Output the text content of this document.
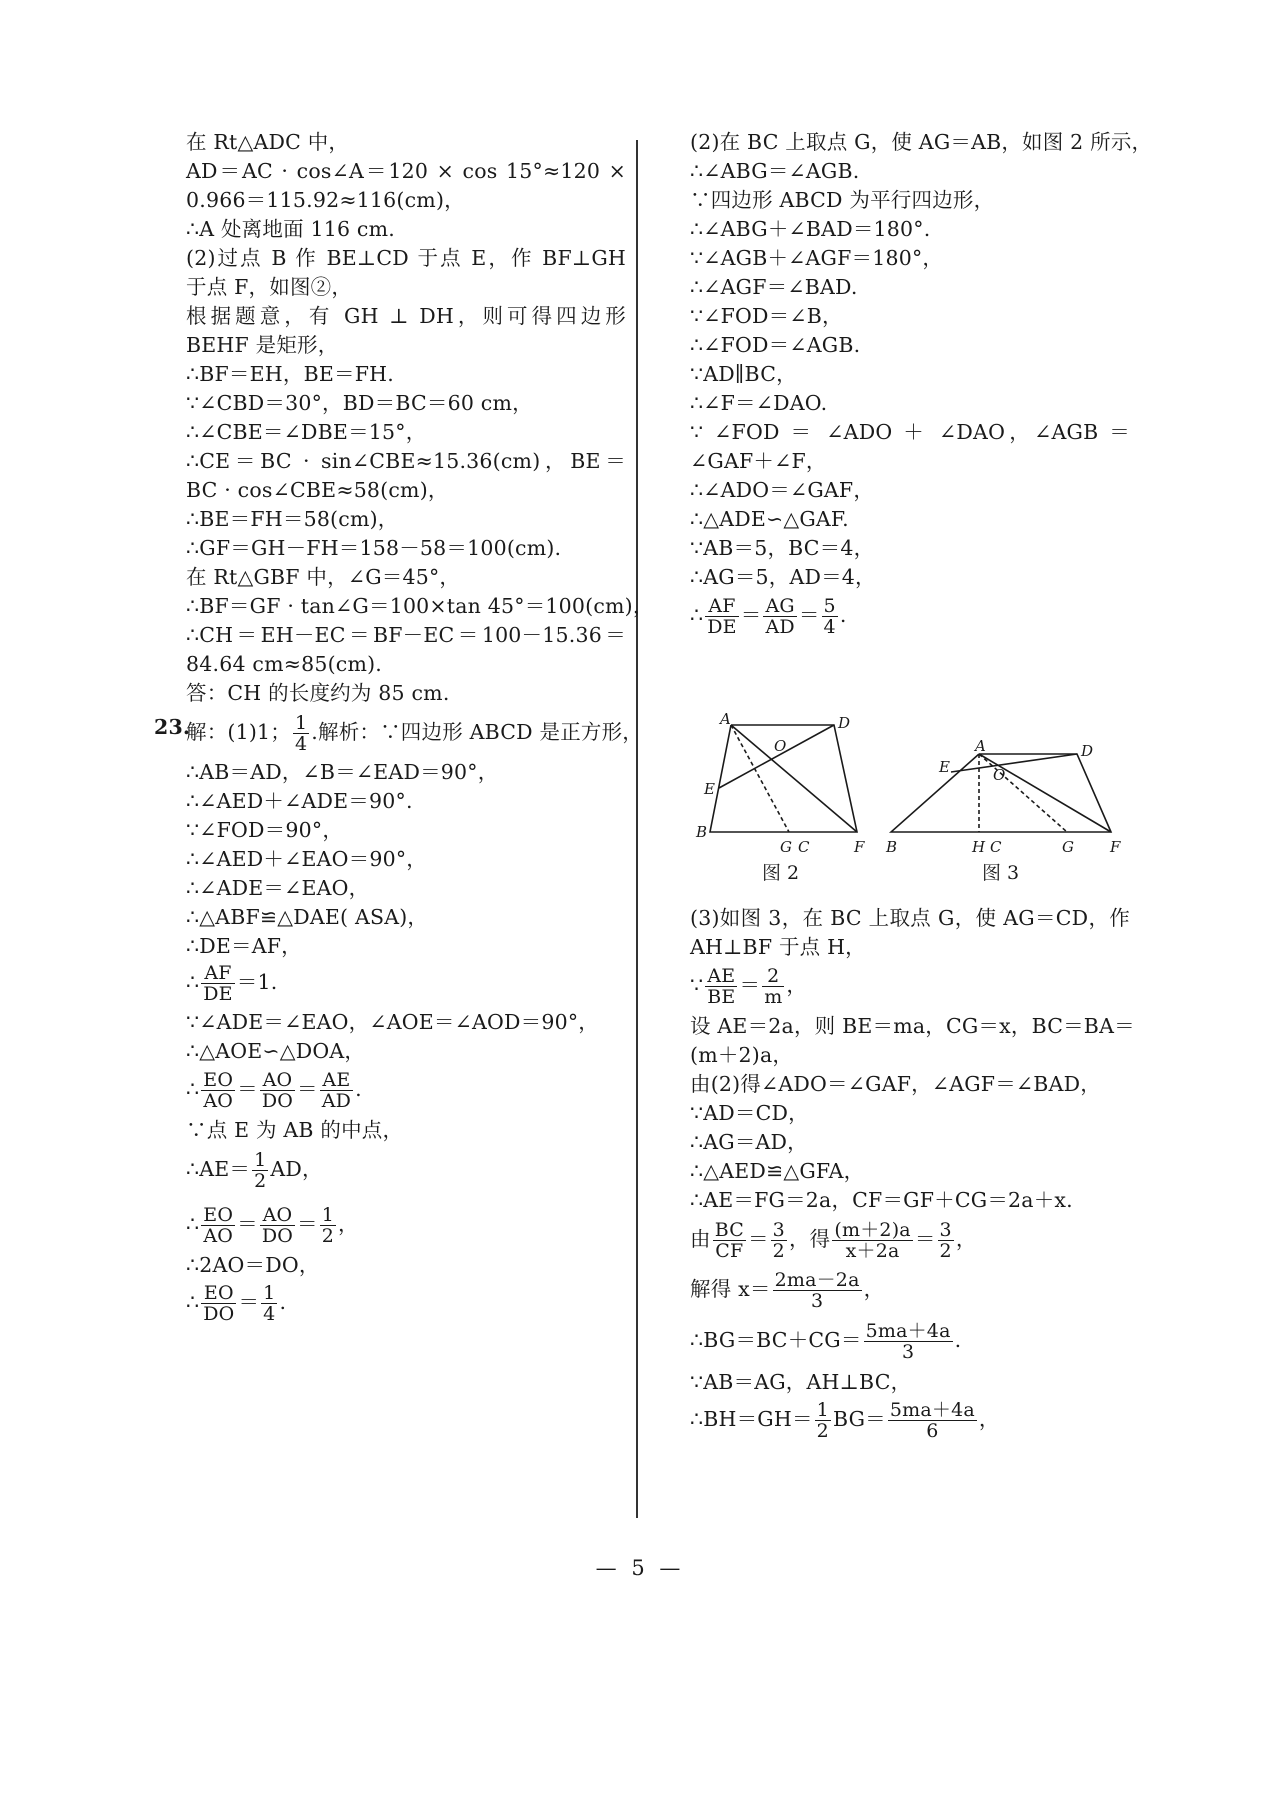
在 Rt△ADC 中，
AD＝AC · cos∠A＝120 × cos 15°≈120 ×
0.966＝115.92≈116(cm)，
∴A 处离地面 116 cm.
(2)过点 B 作 BE⊥CD 于点 E，作 BF⊥GH
于点 F，如图②，
根据题意，有 GH ⊥ DH，则可得四边形
BEHF 是矩形，
∴BF＝EH，BE＝FH.
∵∠CBD＝30°，BD＝BC＝60 cm，
∴∠CBE＝∠DBE＝15°，
∴CE＝BC · sin∠CBE≈15.36(cm)，BE＝
BC · cos∠CBE≈58(cm)，
∴BE＝FH＝58(cm)，
∴GF＝GH－FH＝158－58＝100(cm).
在 Rt△GBF 中，∠G＝45°，
∴BF＝GF · tan∠G＝100×tan 45°＝100(cm)，
∴CH＝EH－EC＝BF－EC＝100－15.36＝
84.64 cm≈85(cm).
答：CH 的长度约为 85 cm.
23.
解：(1)1； $\frac{1}{4}$ .解析：∵四边形 ABCD 是正方形，
∴AB＝AD，∠B＝∠EAD＝90°，
∴∠AED＋∠ADE＝90°.
∵∠FOD＝90°，
∴∠AED＋∠EAO＝90°，
∴∠ADE＝∠EAO，
∴△ABF≌△DAE( ASA)，
∴DE＝AF，
∴ $\frac{AF}{DE} =1$.
∵∠ADE＝∠EAO，∠AOE＝∠AOD＝90°，
∴△AOE∽△DOA，
∴ $\frac{EO}{AO} = \frac{AO}{DO} = \frac{AE}{AD}$ .
∵点 E 为 AB 的中点，
∴AE＝ $\frac{1}{2}$ AD，
∴ $\frac{EO}{AO} = \frac{AO}{DO} = \frac{1}{2}$ ，
∴2AO＝DO，
∴ $\frac{EO}{DO} = \frac{1}{4}$ .
(2)在 BC 上取点 G，使 AG＝AB，如图 2 所示，
∴∠ABG＝∠AGB.
∵四边形 ABCD 为平行四边形，
∴∠ABG＋∠BAD＝180°.
∵∠AGB＋∠AGF＝180°，
∴∠AGF＝∠BAD.
∵∠FOD＝∠B，
∴∠FOD＝∠AGB.
∵AD∥BC，
∴∠F＝∠DAO.
∵ ∠FOD ＝ ∠ADO ＋ ∠DAO，∠AGB ＝
∠GAF＋∠F，
∴∠ADO＝∠GAF，
∴△ADE∽△GAF.
∵AB＝5，BC＝4，
∴AG＝5，AD＝4，
∴ $\frac{AF}{DE} = \frac{AG}{AD} = \frac{5}{4}$ .
(3)如图 3，在 BC 上取点 G，使 AG＝CD，作
AH⊥BF 于点 H，
∵ $\frac{AE}{BE} = \frac{2}{m}$ ，
设 AE＝2a，则 BE＝ma，CG＝x，BC＝BA＝
(m＋2)a，
由(2)得∠ADO＝∠GAF，∠AGF＝∠BAD，
∵AD＝CD，
∴AG＝AD，
∴△AED≌△GFA，
∴AE＝FG＝2a，CF＝GF＋CG＝2a＋x.
由 $\frac{BC}{CF} = \frac{3}{2}$ ，得 $\frac{(m+2)a}{x+2a} = \frac{3}{2}$ ，
解得 $x= \frac{2ma-2a}{3}$ ，
∴BG＝BC＋CG＝ $\frac{5ma+4a}{3}$ .
∵AB＝AG，AH⊥BC，
∴BH＝GH＝ $\frac{1}{2} BG= \frac{5ma+4a}{6}$ ，
A	D
O
E
B
G C	F
A	D
O
E
B	H C	G F
图 2	图 3
— 5 —
